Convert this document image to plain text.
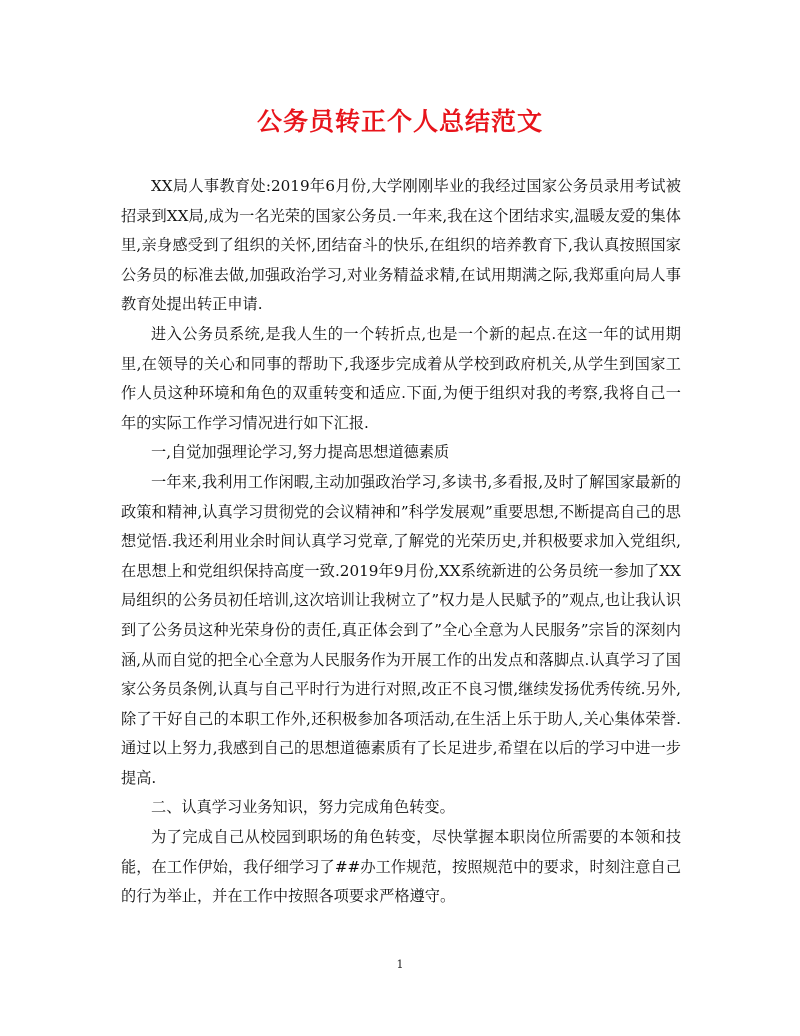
公务员转正个人总结范文

XX局人事教育处:2019年6月份,大学刚刚毕业的我经过国家公务员录用考试被招录到XX局,成为一名光荣的国家公务员.一年来,我在这个团结求实,温暖友爱的集体里,亲身感受到了组织的关怀,团结奋斗的快乐,在组织的培养教育下,我认真按照国家公务员的标准去做,加强政治学习,对业务精益求精,在试用期满之际,我郑重向局人事教育处提出转正申请.

进入公务员系统,是我人生的一个转折点,也是一个新的起点.在这一年的试用期里,在领导的关心和同事的帮助下,我逐步完成着从学校到政府机关,从学生到国家工作人员这种环境和角色的双重转变和适应.下面,为便于组织对我的考察,我将自己一年的实际工作学习情况进行如下汇报.

一,自觉加强理论学习,努力提高思想道德素质

一年来,我利用工作闲暇,主动加强政治学习,多读书,多看报,及时了解国家最新的政策和精神,认真学习贯彻党的会议精神和”科学发展观”重要思想,不断提高自己的思想觉悟.我还利用业余时间认真学习党章,了解党的光荣历史,并积极要求加入党组织,在思想上和党组织保持高度一致.2019年9月份,XX系统新进的公务员统一参加了XX局组织的公务员初任培训,这次培训让我树立了”权力是人民赋予的”观点,也让我认识到了公务员这种光荣身份的责任,真正体会到了”全心全意为人民服务”宗旨的深刻内涵,从而自觉的把全心全意为人民服务作为开展工作的出发点和落脚点.认真学习了国家公务员条例,认真与自己平时行为进行对照,改正不良习惯,继续发扬优秀传统.另外,除了干好自己的本职工作外,还积极参加各项活动,在生活上乐于助人,关心集体荣誉.通过以上努力,我感到自己的思想道德素质有了长足进步,希望在以后的学习中进一步提高.

二、认真学习业务知识，努力完成角色转变。

为了完成自己从校园到职场的角色转变，尽快掌握本职岗位所需要的本领和技能，在工作伊始，我仔细学习了##办工作规范，按照规范中的要求，时刻注意自己的行为举止，并在工作中按照各项要求严格遵守。

1
